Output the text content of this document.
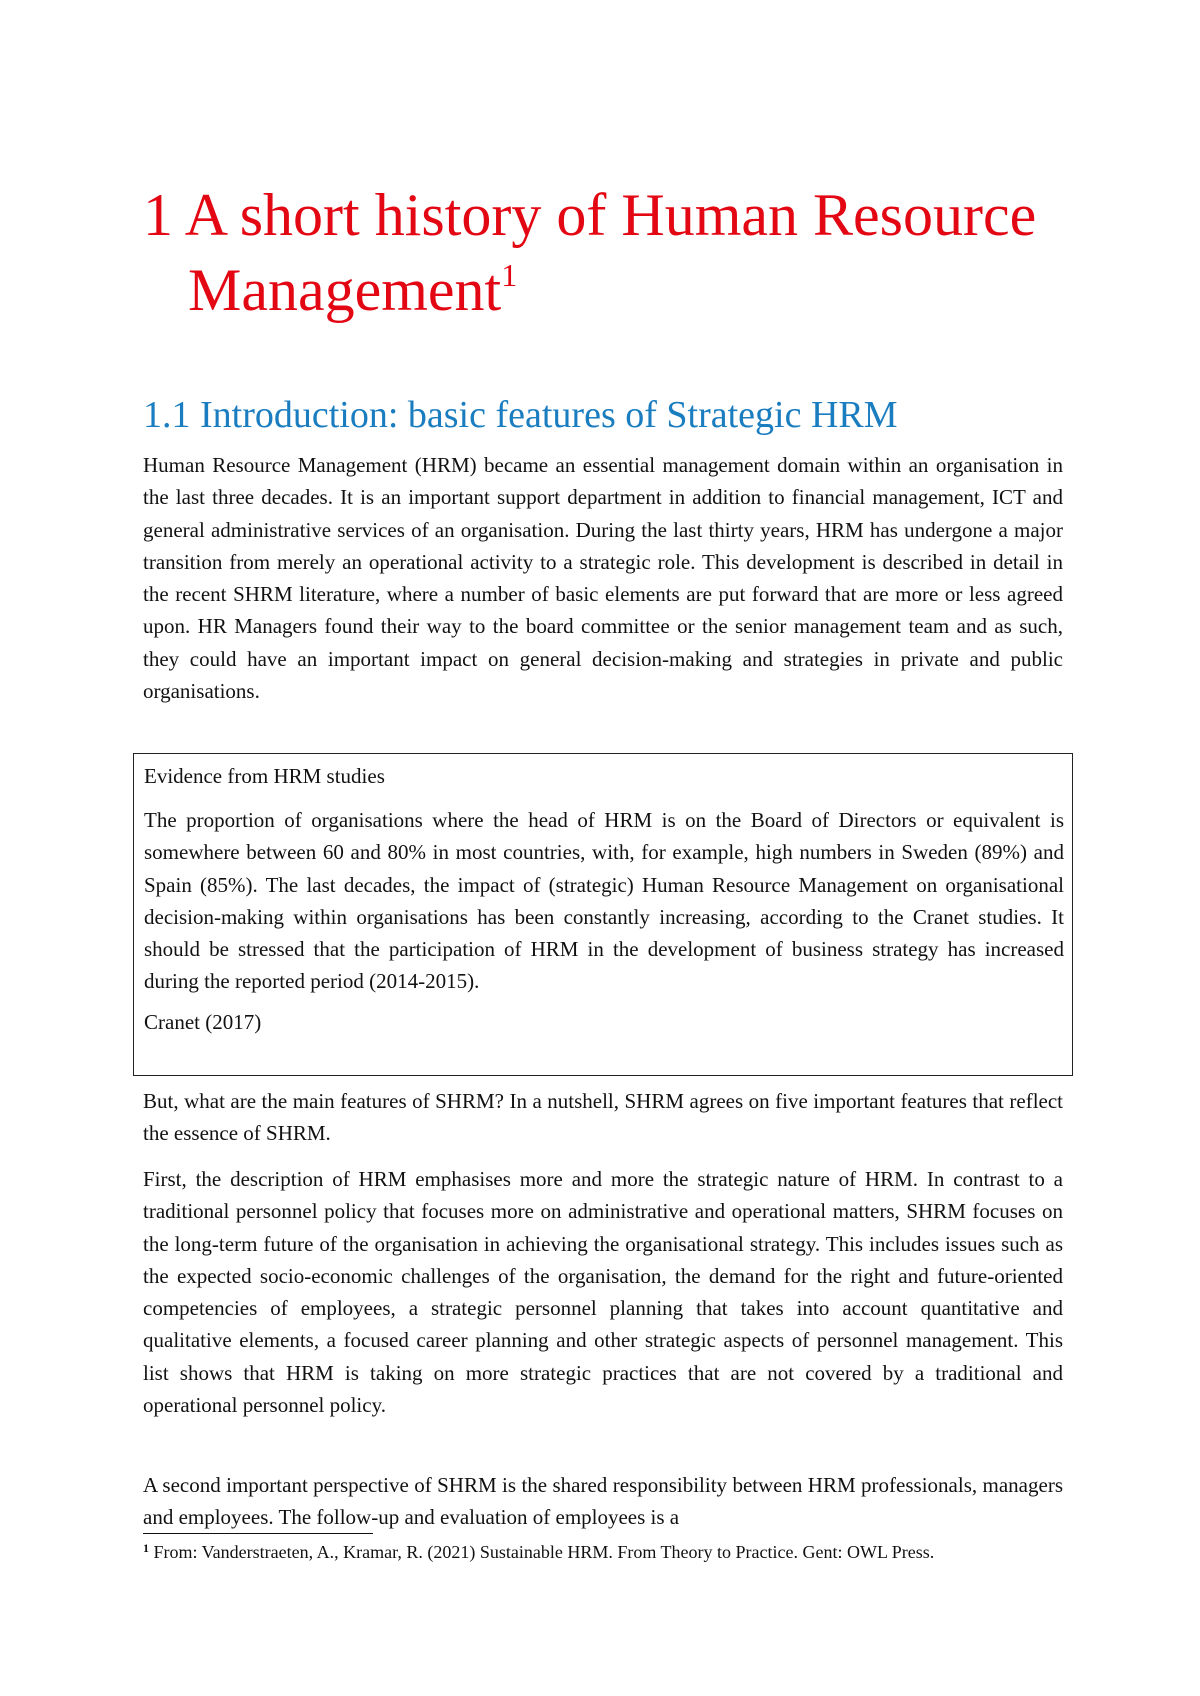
1 A short history of Human Resource Management$^1$
1.1 Introduction: basic features of Strategic HRM

Human Resource Management (HRM) became an essential management domain within an organisation in the last three decades. It is an important support department in addition to financial management, ICT and general administrative services of an organisation. During the last thirty years, HRM has undergone a major transition from merely an operational activity to a strategic role. This development is described in detail in the recent SHRM literature, where a number of basic elements are put forward that are more or less agreed upon. HR Managers found their way to the board committee or the senior management team and as such, they could have an important impact on general decision-making and strategies in private and public organisations.

Evidence from HRM studies

The proportion of organisations where the head of HRM is on the Board of Directors or equivalent is somewhere between 60 and 80% in most countries, with, for example, high numbers in Sweden (89%) and Spain (85%). The last decades, the impact of (strategic) Human Resource Management on organisational decision-making within organisations has been constantly increasing, according to the Cranet studies. It should be stressed that the participation of HRM in the development of business strategy has increased during the reported period (2014-2015).

Cranet (2017)

But, what are the main features of SHRM? In a nutshell, SHRM agrees on five important features that reflect the essence of SHRM.

First, the description of HRM emphasises more and more the strategic nature of HRM. In contrast to a traditional personnel policy that focuses more on administrative and operational matters, SHRM focuses on the long-term future of the organisation in achieving the organisational strategy. This includes issues such as the expected socio-economic challenges of the organisation, the demand for the right and future-oriented competencies of employees, a strategic personnel planning that takes into account quantitative and qualitative elements, a focused career planning and other strategic aspects of personnel management. This list shows that HRM is taking on more strategic practices that are not covered by a traditional and operational personnel policy.

A second important perspective of SHRM is the shared responsibility between HRM professionals, managers and employees. The follow-up and evaluation of employees is a

$^1$ From: Vanderstraeten, A., Kramar, R. (2021) Sustainable HRM. From Theory to Practice. Gent: OWL Press.
